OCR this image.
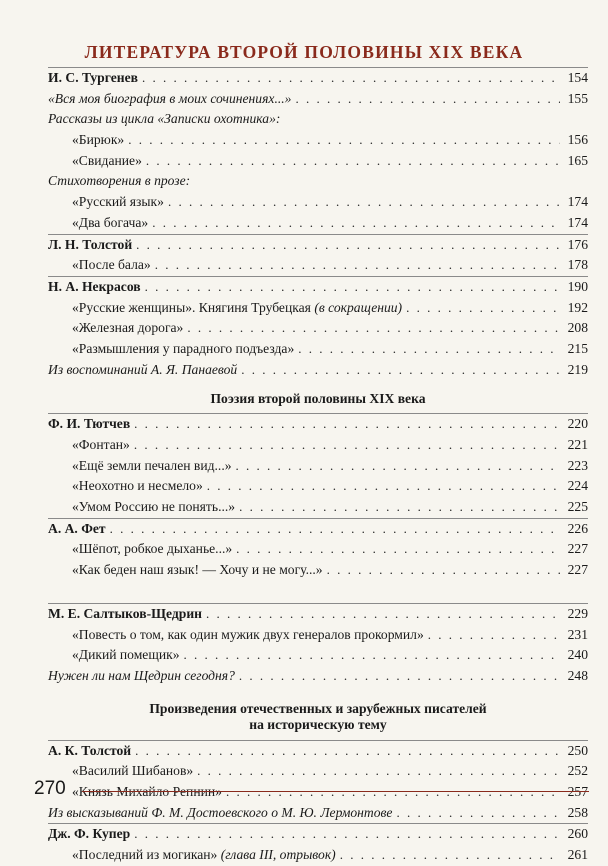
ЛИТЕРАТУРА ВТОРОЙ ПОЛОВИНЫ XIX ВЕКА
И. С. Тургенев . . .	154
«Вся моя биография в моих сочинениях...» . . .	155
Рассказы из цикла «Записки охотника»:
«Бирюк» . . .	156
«Свидание» . . .	165
Стихотворения в прозе:
«Русский язык» . . .	174
«Два богача» . . .	174
Л. Н. Толстой . . .	176
«После бала» . . .	178
Н. А. Некрасов . . .	190
«Русские женщины». Княгиня Трубецкая (в сокращении) . . .	192
«Железная дорога» . . .	208
«Размышления у парадного подъезда» . . .	215
Из воспоминаний А. Я. Панаевой . . .	219
Поэзия второй половины XIX века
Ф. И. Тютчев . . .	220
«Фонтан» . . .	221
«Ещё земли печален вид...» . . .	223
«Неохотно и несмело» . . .	224
«Умом Россию не понять...» . . .	225
А. А. Фет . . .	226
«Шёпот, робкое дыханье...» . . .	227
«Как беден наш язык! — Хочу и не могу...» . . .	227
М. Е. Салтыков-Щедрин . . .	229
«Повесть о том, как один мужик двух генералов прокормил» . . .	231
«Дикий помещик» . . .	240
Нужен ли нам Щедрин сегодня? . . .	248
Произведения отечественных и зарубежных писателей
на историческую тему
А. К. Толстой . . .	250
«Василий Шибанов» . . .	252
«Князь Михайло Репнин» . . .	257
Из высказываний Ф. М. Достоевского о М. Ю. Лермонтове . . .	258
Дж. Ф. Купер . . .	260
«Последний из могикан» (глава III, отрывок) . . .	261
270
